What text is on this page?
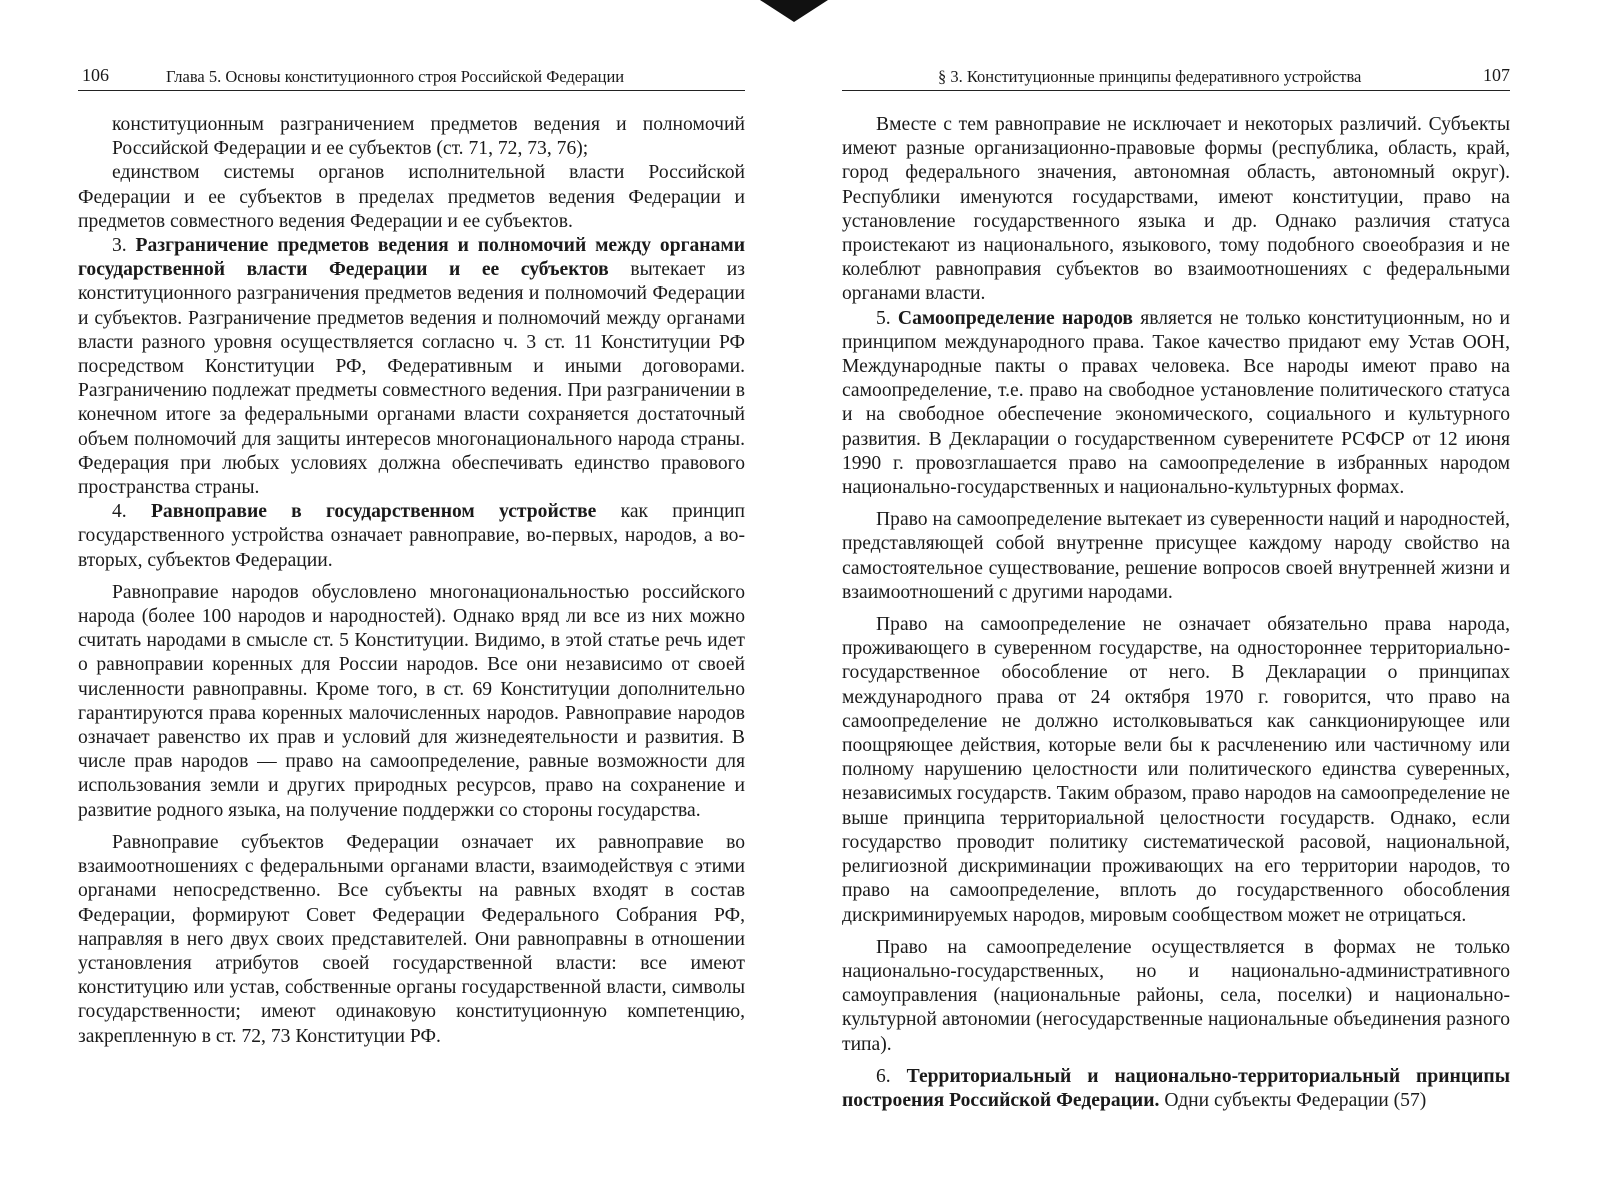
106	Глава 5. Основы конституционного строя Российской Федерации

конституционным разграничением предметов ведения и полномочий Российской Федерации и ее субъектов (ст. 71, 72, 73, 76);

единством системы органов исполнительной власти Российской Федерации и ее субъектов в пределах предметов ведения Федерации и предметов совместного ведения Федерации и ее субъектов.

3. Разграничение предметов ведения и полномочий между органами государственной власти Федерации и ее субъектов вытекает из конституционного разграничения предметов ведения и полномочий Федерации и субъектов. Разграничение предметов ведения и полномочий между органами власти разного уровня осуществляется согласно ч. 3 ст. 11 Конституции РФ посредством Конституции РФ, Федеративным и иными договорами. Разграничению подлежат предметы совместного ведения. При разграничении в конечном итоге за федеральными органами власти сохраняется достаточный объем полномочий для защиты интересов многонационального народа страны. Федерация при любых условиях должна обеспечивать единство правового пространства страны.

4. Равноправие в государственном устройстве как принцип государственного устройства означает равноправие, во-первых, народов, а во-вторых, субъектов Федерации.

Равноправие народов обусловлено многонациональностью российского народа (более 100 народов и народностей). Однако вряд ли все из них можно считать народами в смысле ст. 5 Конституции. Видимо, в этой статье речь идет о равноправии коренных для России народов. Все они независимо от своей численности равноправны. Кроме того, в ст. 69 Конституции дополнительно гарантируются права коренных малочисленных народов. Равноправие народов означает равенство их прав и условий для жизнедеятельности и развития. В числе прав народов — право на самоопределение, равные возможности для использования земли и других природных ресурсов, право на сохранение и развитие родного языка, на получение поддержки со стороны государства.

Равноправие субъектов Федерации означает их равноправие во взаимоотношениях с федеральными органами власти, взаимодействуя с этими органами непосредственно. Все субъекты на равных входят в состав Федерации, формируют Совет Федерации Федерального Собрания РФ, направляя в него двух своих представителей. Они равноправны в отношении установления атрибутов своей государственной власти: все имеют конституцию или устав, собственные органы государственной власти, символы государственности; имеют одинаковую конституционную компетенцию, закрепленную в ст. 72, 73 Конституции РФ.

§ 3. Конституционные принципы федеративного устройства	107

Вместе с тем равноправие не исключает и некоторых различий. Субъекты имеют разные организационно-правовые формы (республика, область, край, город федерального значения, автономная область, автономный округ). Республики именуются государствами, имеют конституции, право на установление государственного языка и др. Однако различия статуса проистекают из национального, языкового, тому подобного своеобразия и не колеблют равноправия субъектов во взаимоотношениях с федеральными органами власти.

5. Самоопределение народов является не только конституционным, но и принципом международного права. Такое качество придают ему Устав ООН, Международные пакты о правах человека. Все народы имеют право на самоопределение, т.е. право на свободное установление политического статуса и на свободное обеспечение экономического, социального и культурного развития. В Декларации о государственном суверенитете РСФСР от 12 июня 1990 г. провозглашается право на самоопределение в избранных народом национально-государственных и национально-культурных формах.

Право на самоопределение вытекает из суверенности наций и народностей, представляющей собой внутренне присущее каждому народу свойство на самостоятельное существование, решение вопросов своей внутренней жизни и взаимоотношений с другими народами.

Право на самоопределение не означает обязательно права народа, проживающего в суверенном государстве, на одностороннее территориально-государственное обособление от него. В Декларации о принципах международного права от 24 октября 1970 г. говорится, что право на самоопределение не должно истолковываться как санкционирующее или поощряющее действия, которые вели бы к расчленению или частичному или полному нарушению целостности или политического единства суверенных, независимых государств. Таким образом, право народов на самоопределение не выше принципа территориальной целостности государств. Однако, если государство проводит политику систематической расовой, национальной, религиозной дискриминации проживающих на его территории народов, то право на самоопределение, вплоть до государственного обособления дискриминируемых народов, мировым сообществом может не отрицаться.

Право на самоопределение осуществляется в формах не только национально-государственных, но и национально-административного самоуправления (национальные районы, села, поселки) и национально-культурной автономии (негосударственные национальные объединения разного типа).

6. Территориальный и национально-территориальный принципы построения Российской Федерации. Одни субъекты Федерации (57)
